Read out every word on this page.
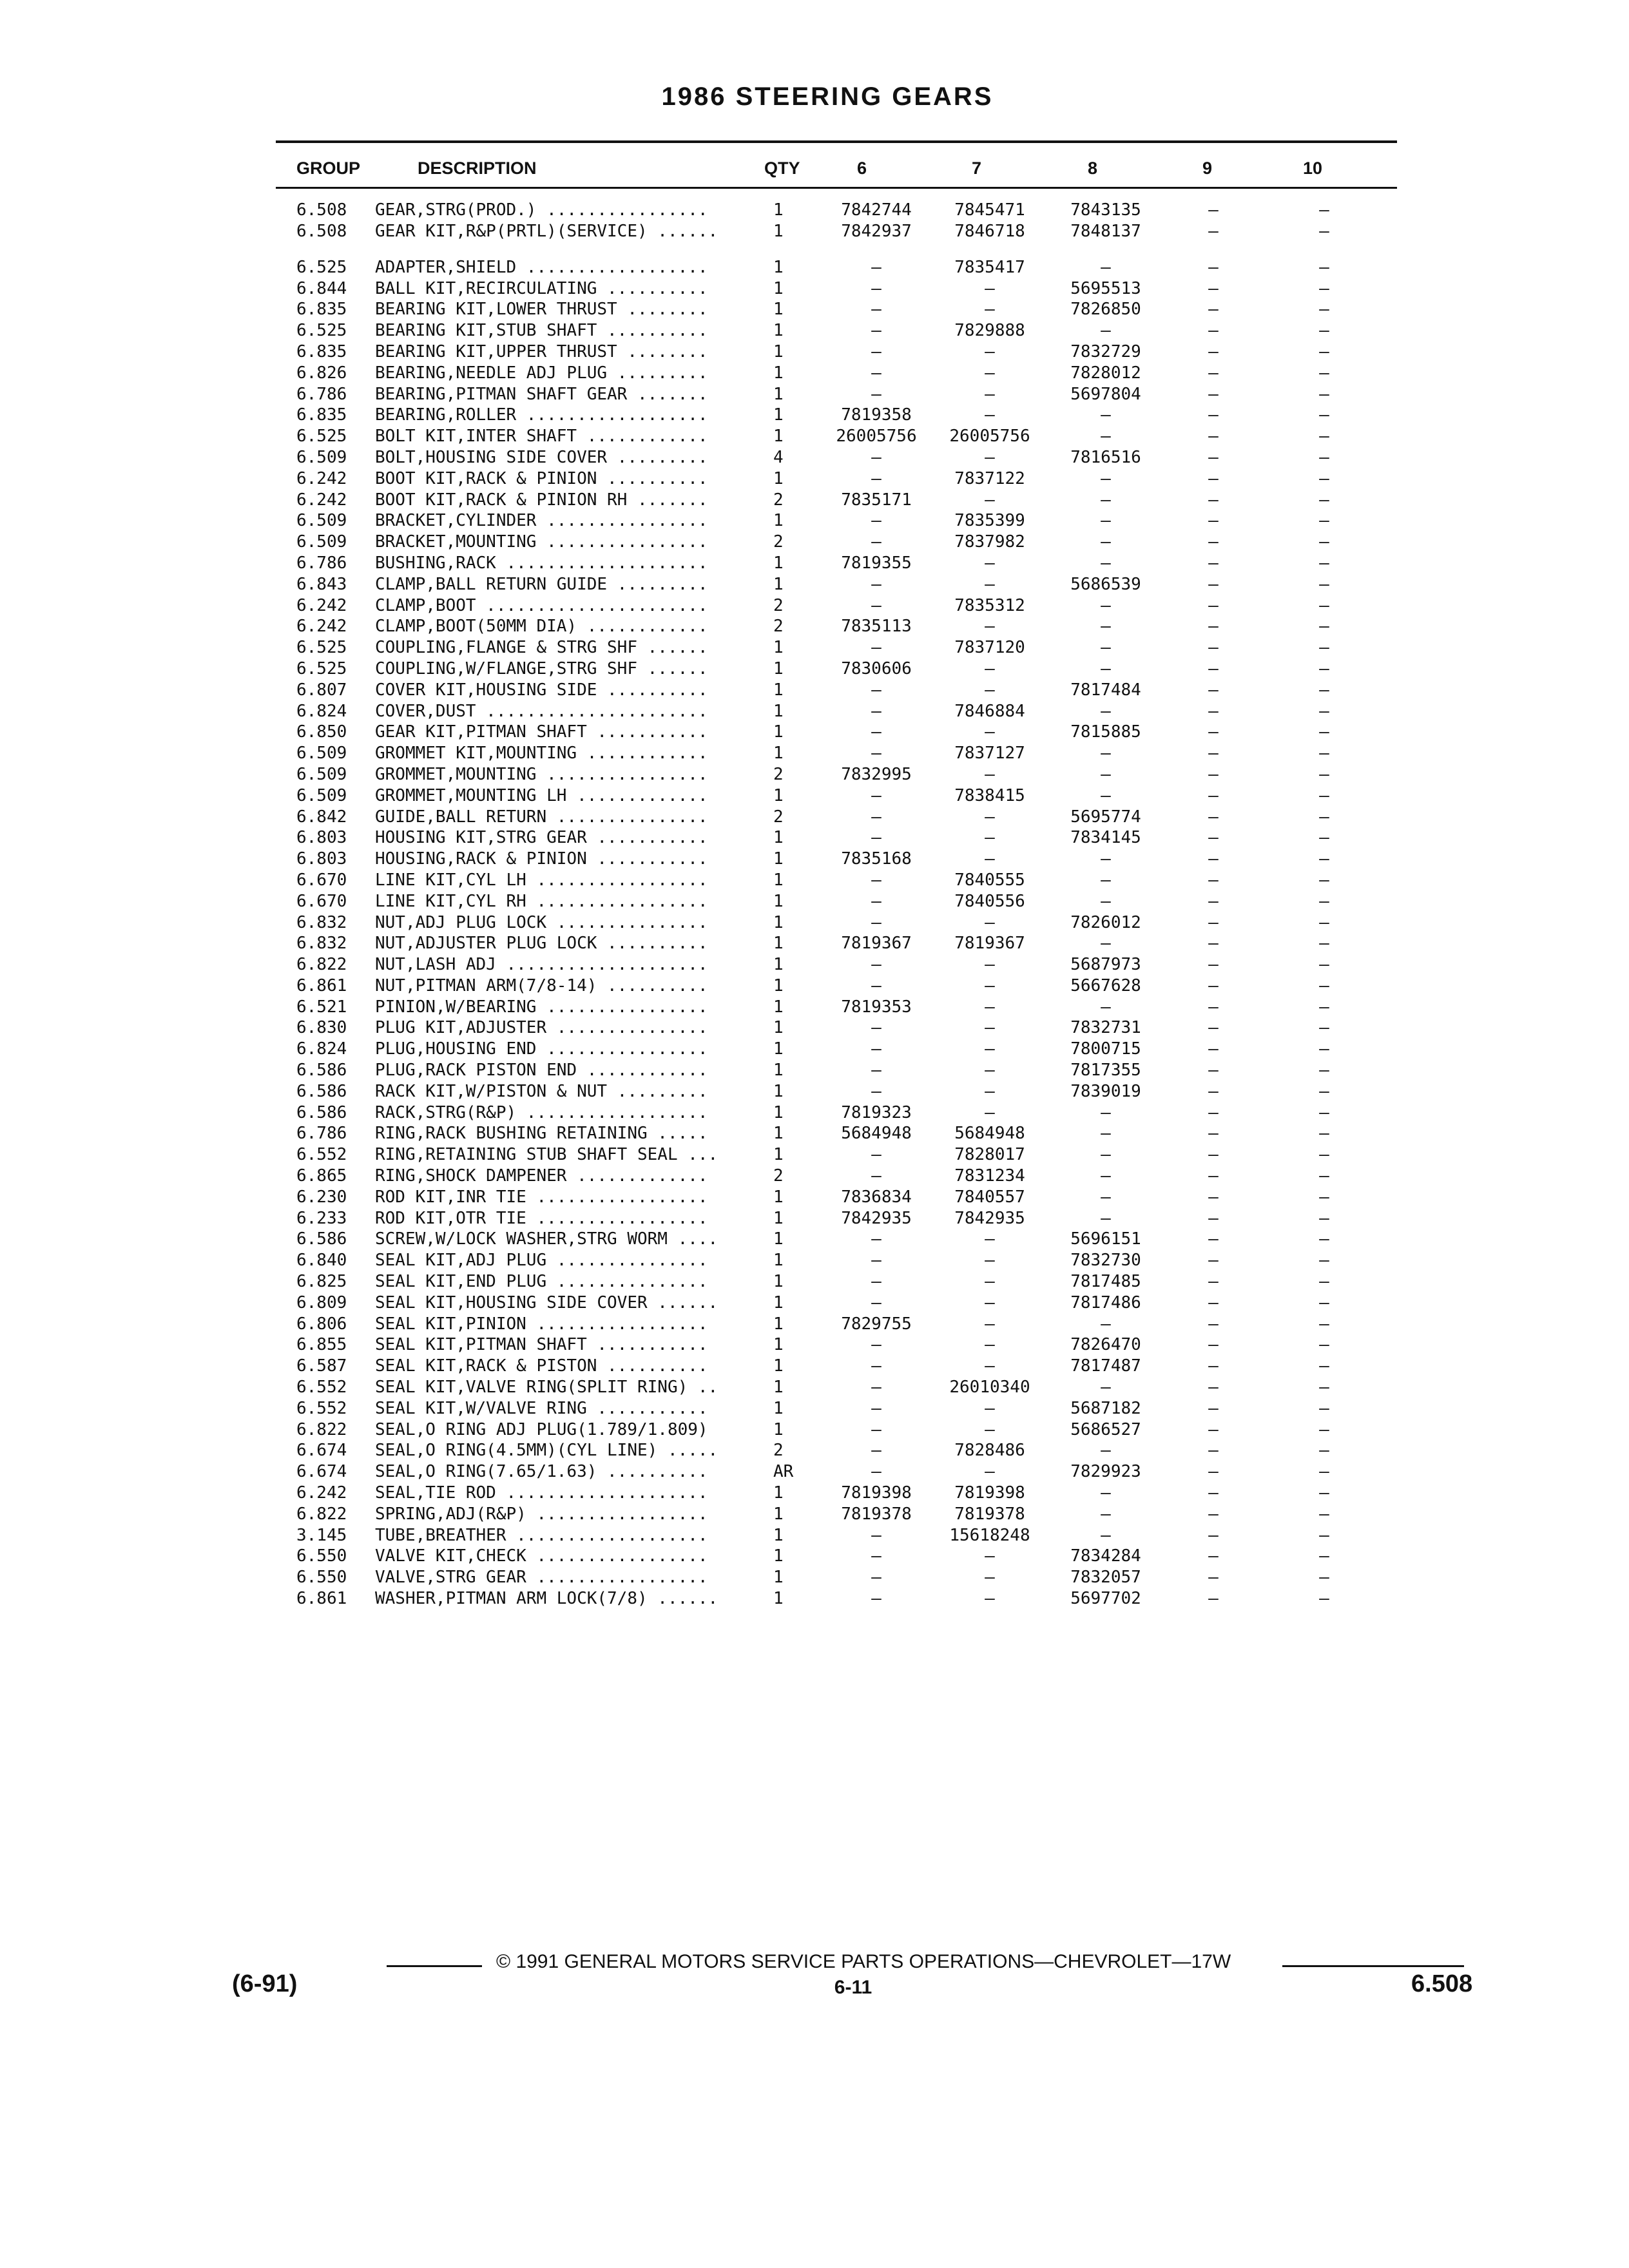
1986 STEERING GEARS
GROUP	DESCRIPTION	QTY	6	7	8	9	10
6.508	GEAR,STRG(PROD.) ................	1	7842744	7845471	7843135	—	—
6.508	GEAR KIT,R&P(PRTL)(SERVICE) ......	1	7842937	7846718	7848137	—	—
6.525	ADAPTER,SHIELD ..................	1	—	7835417	—	—	—
6.844	BALL KIT,RECIRCULATING ..........	1	—	—	5695513	—	—
6.835	BEARING KIT,LOWER THRUST ........	1	—	—	7826850	—	—
6.525	BEARING KIT,STUB SHAFT ..........	1	—	7829888	—	—	—
6.835	BEARING KIT,UPPER THRUST ........	1	—	—	7832729	—	—
6.826	BEARING,NEEDLE ADJ PLUG .........	1	—	—	7828012	—	—
6.786	BEARING,PITMAN SHAFT GEAR .......	1	—	—	5697804	—	—
6.835	BEARING,ROLLER ..................	1	7819358	—	—	—	—
6.525	BOLT KIT,INTER SHAFT ............	1	26005756	26005756	—	—	—
6.509	BOLT,HOUSING SIDE COVER .........	4	—	—	7816516	—	—
6.242	BOOT KIT,RACK & PINION ..........	1	—	7837122	—	—	—
6.242	BOOT KIT,RACK & PINION RH .......	2	7835171	—	—	—	—
6.509	BRACKET,CYLINDER ................	1	—	7835399	—	—	—
6.509	BRACKET,MOUNTING ................	2	—	7837982	—	—	—
6.786	BUSHING,RACK ....................	1	7819355	—	—	—	—
6.843	CLAMP,BALL RETURN GUIDE .........	1	—	—	5686539	—	—
6.242	CLAMP,BOOT ......................	2	—	7835312	—	—	—
6.242	CLAMP,BOOT(50MM DIA) ............	2	7835113	—	—	—	—
6.525	COUPLING,FLANGE & STRG SHF ......	1	—	7837120	—	—	—
6.525	COUPLING,W/FLANGE,STRG SHF ......	1	7830606	—	—	—	—
6.807	COVER KIT,HOUSING SIDE ..........	1	—	—	7817484	—	—
6.824	COVER,DUST ......................	1	—	7846884	—	—	—
6.850	GEAR KIT,PITMAN SHAFT ...........	1	—	—	7815885	—	—
6.509	GROMMET KIT,MOUNTING ............	1	—	7837127	—	—	—
6.509	GROMMET,MOUNTING ................	2	7832995	—	—	—	—
6.509	GROMMET,MOUNTING LH .............	1	—	7838415	—	—	—
6.842	GUIDE,BALL RETURN ...............	2	—	—	5695774	—	—
6.803	HOUSING KIT,STRG GEAR ...........	1	—	—	7834145	—	—
6.803	HOUSING,RACK & PINION ...........	1	7835168	—	—	—	—
6.670	LINE KIT,CYL LH .................	1	—	7840555	—	—	—
6.670	LINE KIT,CYL RH .................	1	—	7840556	—	—	—
6.832	NUT,ADJ PLUG LOCK ...............	1	—	—	7826012	—	—
6.832	NUT,ADJUSTER PLUG LOCK ..........	1	7819367	7819367	—	—	—
6.822	NUT,LASH ADJ ....................	1	—	—	5687973	—	—
6.861	NUT,PITMAN ARM(7/8-14) ..........	1	—	—	5667628	—	—
6.521	PINION,W/BEARING ................	1	7819353	—	—	—	—
6.830	PLUG KIT,ADJUSTER ...............	1	—	—	7832731	—	—
6.824	PLUG,HOUSING END ................	1	—	—	7800715	—	—
6.586	PLUG,RACK PISTON END ............	1	—	—	7817355	—	—
6.586	RACK KIT,W/PISTON & NUT .........	1	—	—	7839019	—	—
6.586	RACK,STRG(R&P) ..................	1	7819323	—	—	—	—
6.786	RING,RACK BUSHING RETAINING .....	1	5684948	5684948	—	—	—
6.552	RING,RETAINING STUB SHAFT SEAL ...	1	—	7828017	—	—	—
6.865	RING,SHOCK DAMPENER .............	2	—	7831234	—	—	—
6.230	ROD KIT,INR TIE .................	1	7836834	7840557	—	—	—
6.233	ROD KIT,OTR TIE .................	1	7842935	7842935	—	—	—
6.586	SCREW,W/LOCK WASHER,STRG WORM ....	1	—	—	5696151	—	—
6.840	SEAL KIT,ADJ PLUG ...............	1	—	—	7832730	—	—
6.825	SEAL KIT,END PLUG ...............	1	—	—	7817485	—	—
6.809	SEAL KIT,HOUSING SIDE COVER ......	1	—	—	7817486	—	—
6.806	SEAL KIT,PINION .................	1	7829755	—	—	—	—
6.855	SEAL KIT,PITMAN SHAFT ...........	1	—	—	7826470	—	—
6.587	SEAL KIT,RACK & PISTON ..........	1	—	—	7817487	—	—
6.552	SEAL KIT,VALVE RING(SPLIT RING) ..	1	—	26010340	—	—	—
6.552	SEAL KIT,W/VALVE RING ...........	1	—	—	5687182	—	—
6.822	SEAL,O RING ADJ PLUG(1.789/1.809)	1	—	—	5686527	—	—
6.674	SEAL,O RING(4.5MM)(CYL LINE) .....	2	—	7828486	—	—	—
6.674	SEAL,O RING(7.65/1.63) ..........	AR	—	—	7829923	—	—
6.242	SEAL,TIE ROD ....................	1	7819398	7819398	—	—	—
6.822	SPRING,ADJ(R&P) .................	1	7819378	7819378	—	—	—
3.145	TUBE,BREATHER ...................	1	—	15618248	—	—	—
6.550	VALVE KIT,CHECK .................	1	—	—	7834284	—	—
6.550	VALVE,STRG GEAR .................	1	—	—	7832057	—	—
6.861	WASHER,PITMAN ARM LOCK(7/8) ......	1	—	—	5697702	—	—
© 1991 GENERAL MOTORS SERVICE PARTS OPERATIONS—CHEVROLET—17W
(6-91)	6-11	6.508
